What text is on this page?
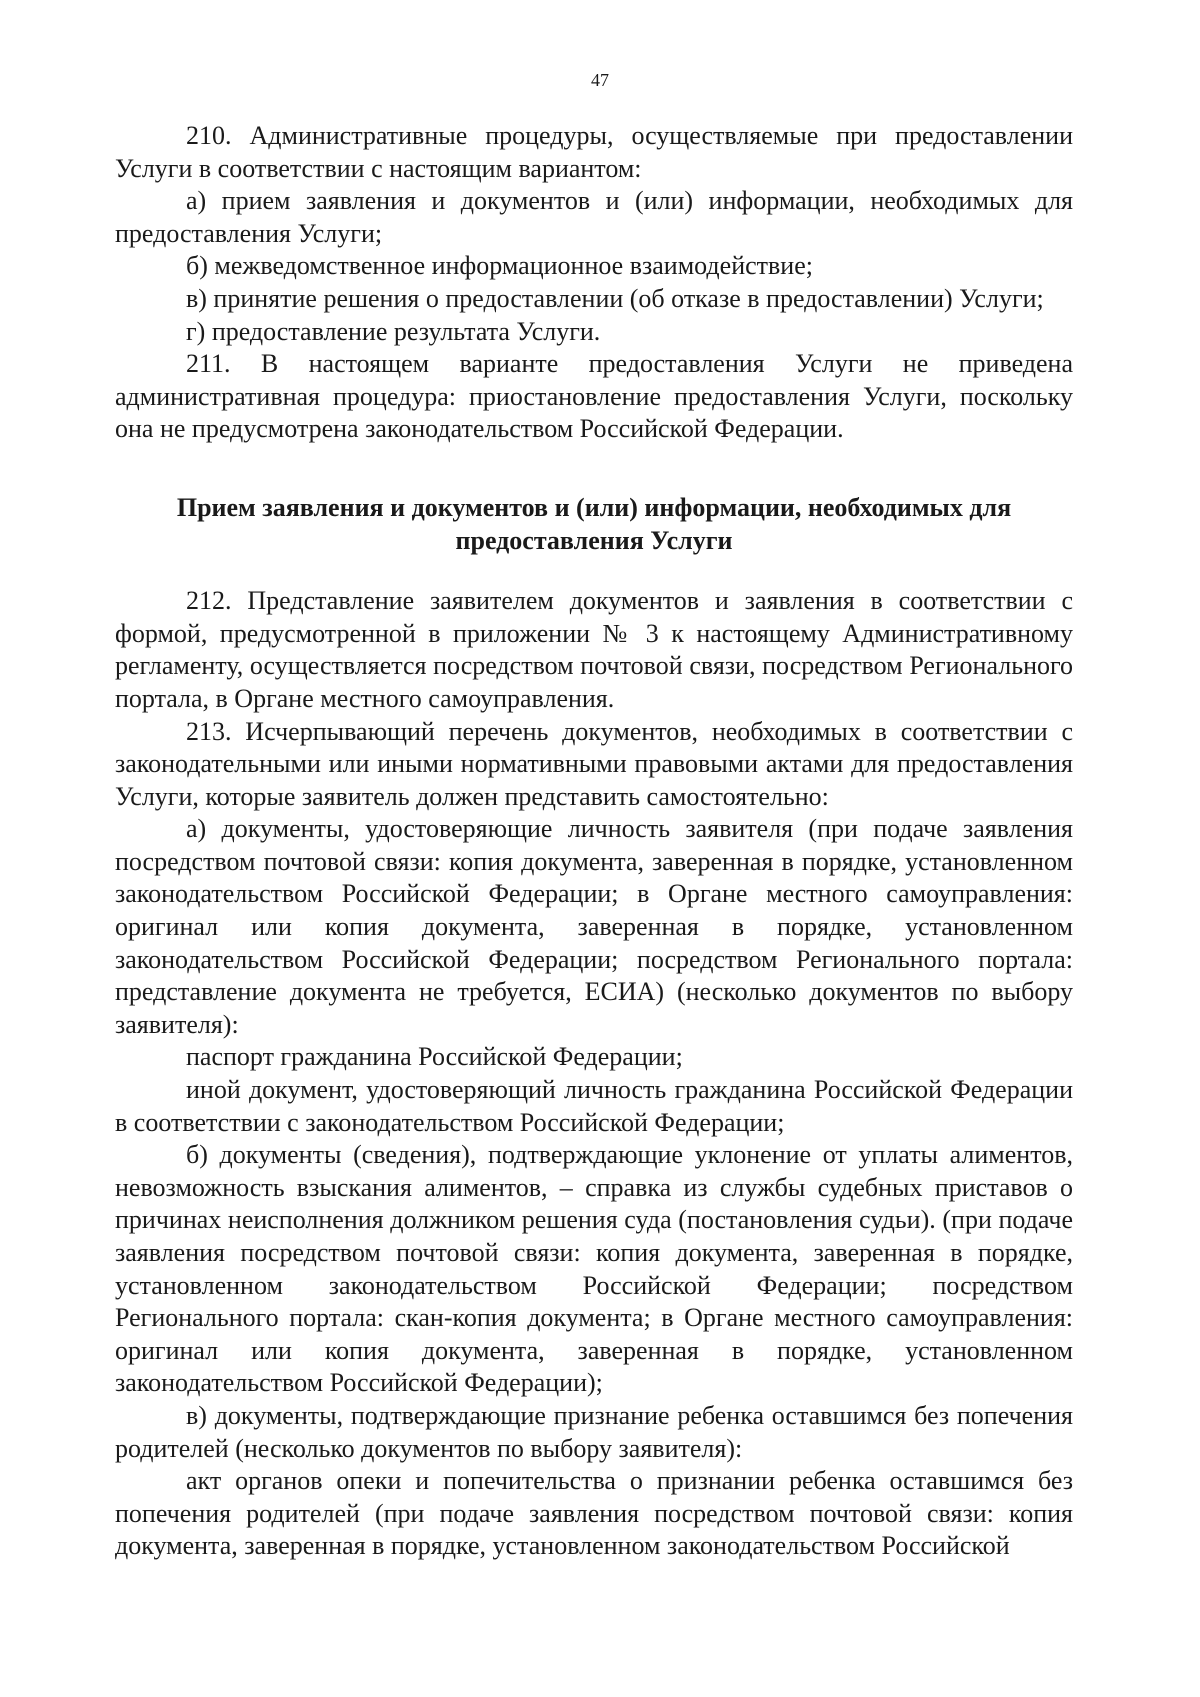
47

210. Административные процедуры, осуществляемые при предоставлении Услуги в соответствии с настоящим вариантом:

а) прием заявления и документов и (или) информации, необходимых для предоставления Услуги;

б) межведомственное информационное взаимодействие;

в) принятие решения о предоставлении (об отказе в предоставлении) Услуги;

г) предоставление результата Услуги.

211. В настоящем варианте предоставления Услуги не приведена административная процедура: приостановление предоставления Услуги, поскольку она не предусмотрена законодательством Российской Федерации.

Прием заявления и документов и (или) информации, необходимых для предоставления Услуги

212. Представление заявителем документов и заявления в соответствии с формой, предусмотренной в приложении № 3 к настоящему Административному регламенту, осуществляется посредством почтовой связи, посредством Регионального портала, в Органе местного самоуправления.

213. Исчерпывающий перечень документов, необходимых в соответствии с законодательными или иными нормативными правовыми актами для предоставления Услуги, которые заявитель должен представить самостоятельно:

а) документы, удостоверяющие личность заявителя (при подаче заявления посредством почтовой связи: копия документа, заверенная в порядке, установленном законодательством Российской Федерации; в Органе местного самоуправления: оригинал или копия документа, заверенная в порядке, установленном законодательством Российской Федерации; посредством Регионального портала: представление документа не требуется, ЕСИА) (несколько документов по выбору заявителя):

паспорт гражданина Российской Федерации;

иной документ, удостоверяющий личность гражданина Российской Федерации в соответствии с законодательством Российской Федерации;

б) документы (сведения), подтверждающие уклонение от уплаты алиментов, невозможность взыскания алиментов, – справка из службы судебных приставов о причинах неисполнения должником решения суда (постановления судьи). (при подаче заявления посредством почтовой связи: копия документа, заверенная в порядке, установленном законодательством Российской Федерации; посредством Регионального портала: скан-копия документа; в Органе местного самоуправления: оригинал или копия документа, заверенная в порядке, установленном законодательством Российской Федерации);

в) документы, подтверждающие признание ребенка оставшимся без попечения родителей (несколько документов по выбору заявителя):

акт органов опеки и попечительства о признании ребенка оставшимся без попечения родителей (при подаче заявления посредством почтовой связи: копия документа, заверенная в порядке, установленном законодательством Российской
